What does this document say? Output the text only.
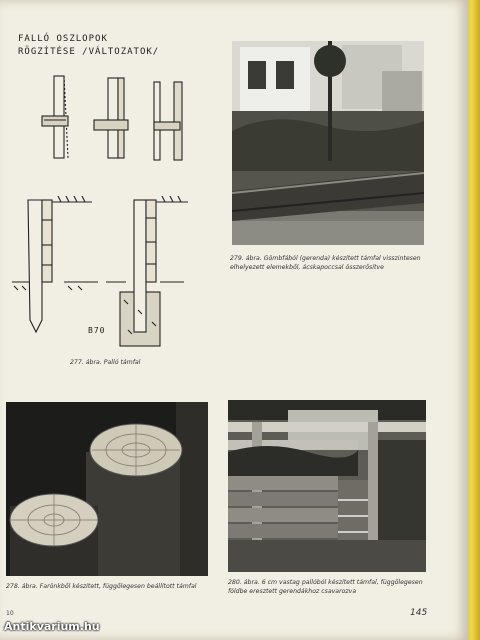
FALLÓ OSZLOPOK
RÖGZÍTÉSE /VÁLTOZATOK/
B70
277. ábra. Palló támfal
279. ábra. Gömbfából (gerenda) készített támfal visszintesen elhelyezett elemekből, ácskapoccsal összerősítve
278. ábra. Farönkből készített, függőlegesen beállított támfal
280. ábra. 6 cm vastag pallóból készített támfal, függőlegesen földbe eresztett gerendákhoz csavarozva
145
10
Antikvarium.hu
